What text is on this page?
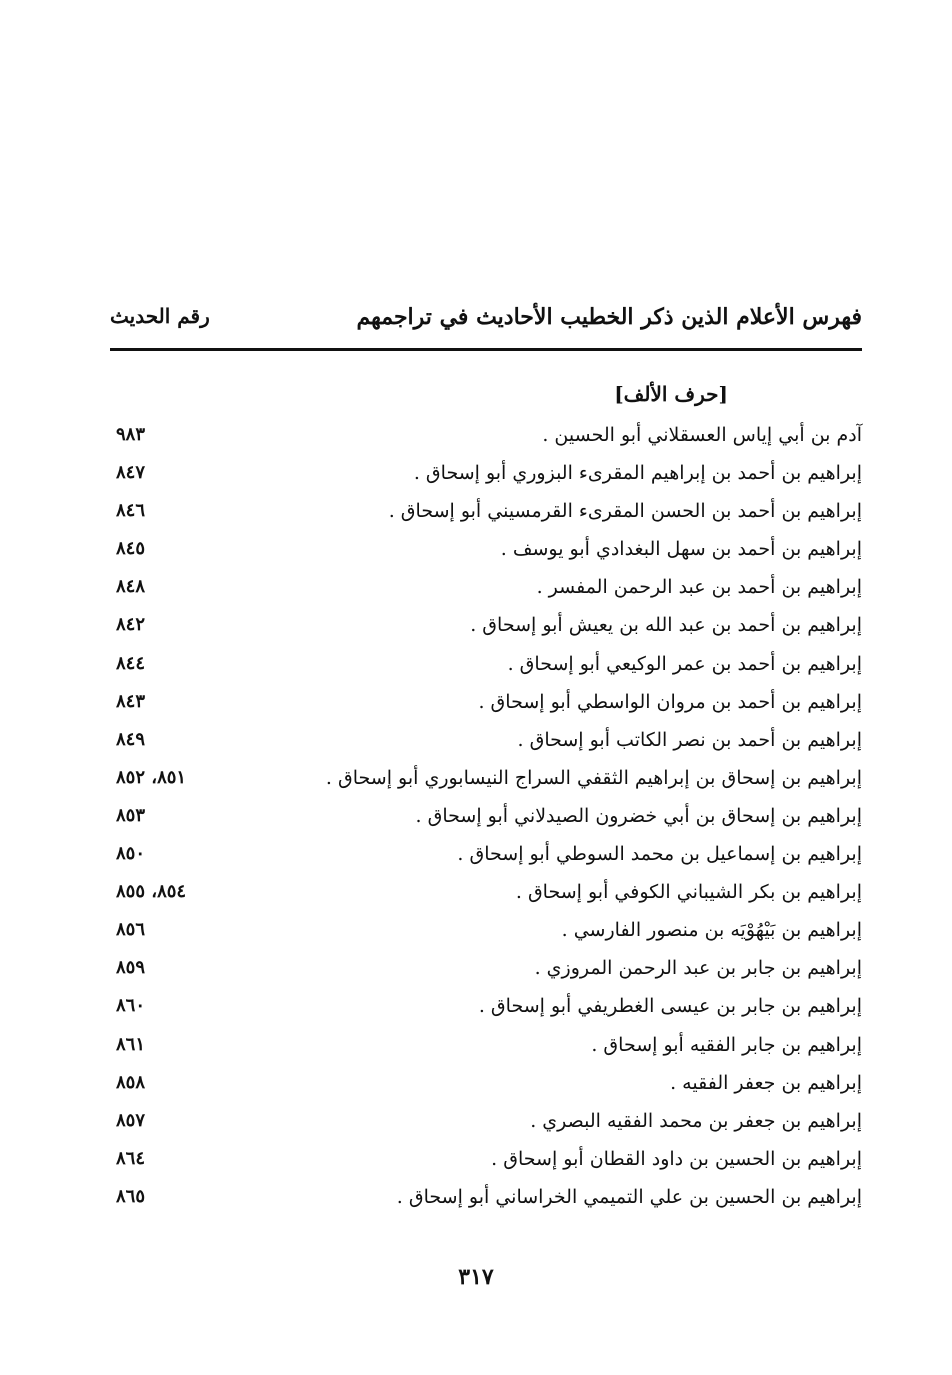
فهرس الأعلام الذين ذكر الخطيب الأحاديث في تراجمهم
رقم الحديث
[حرف الألف]
آدم بن أبي إياس العسقلاني أبو الحسين .
٩٨٣
إبراهيم بن أحمد بن إبراهيم المقرىء البزوري أبو إسحاق .
٨٤٧
إبراهيم بن أحمد بن الحسن المقرىء القرمسيني أبو إسحاق .
٨٤٦
إبراهيم بن أحمد بن سهل البغدادي أبو يوسف .
٨٤٥
إبراهيم بن أحمد بن عبد الرحمن المفسر .
٨٤٨
إبراهيم بن أحمد بن عبد الله بن يعيش أبو إسحاق .
٨٤٢
إبراهيم بن أحمد بن عمر الوكيعي أبو إسحاق .
٨٤٤
إبراهيم بن أحمد بن مروان الواسطي أبو إسحاق .
٨٤٣
إبراهيم بن أحمد بن نصر الكاتب أبو إسحاق .
٨٤٩
إبراهيم بن إسحاق بن إبراهيم الثقفي السراج النيسابوري أبو إسحاق .
٨٥١، ٨٥٢
إبراهيم بن إسحاق بن أبي خضرون الصيدلاني أبو إسحاق .
٨٥٣
إبراهيم بن إسماعيل بن محمد السوطي أبو إسحاق .
٨٥٠
إبراهيم بن بكر الشيباني الكوفي أبو إسحاق .
٨٥٤، ٨٥٥
إبراهيم بن بَيْهُوْيَه بن منصور الفارسي .
٨٥٦
إبراهيم بن جابر بن عبد الرحمن المروزي .
٨٥٩
إبراهيم بن جابر بن عيسى الغطريفي أبو إسحاق .
٨٦٠
إبراهيم بن جابر الفقيه أبو إسحاق .
٨٦١
إبراهيم بن جعفر الفقيه .
٨٥٨
إبراهيم بن جعفر بن محمد الفقيه البصري .
٨٥٧
إبراهيم بن الحسين بن داود القطان أبو إسحاق .
٨٦٤
إبراهيم بن الحسين بن علي التميمي الخراساني أبو إسحاق .
٨٦٥
٣١٧
